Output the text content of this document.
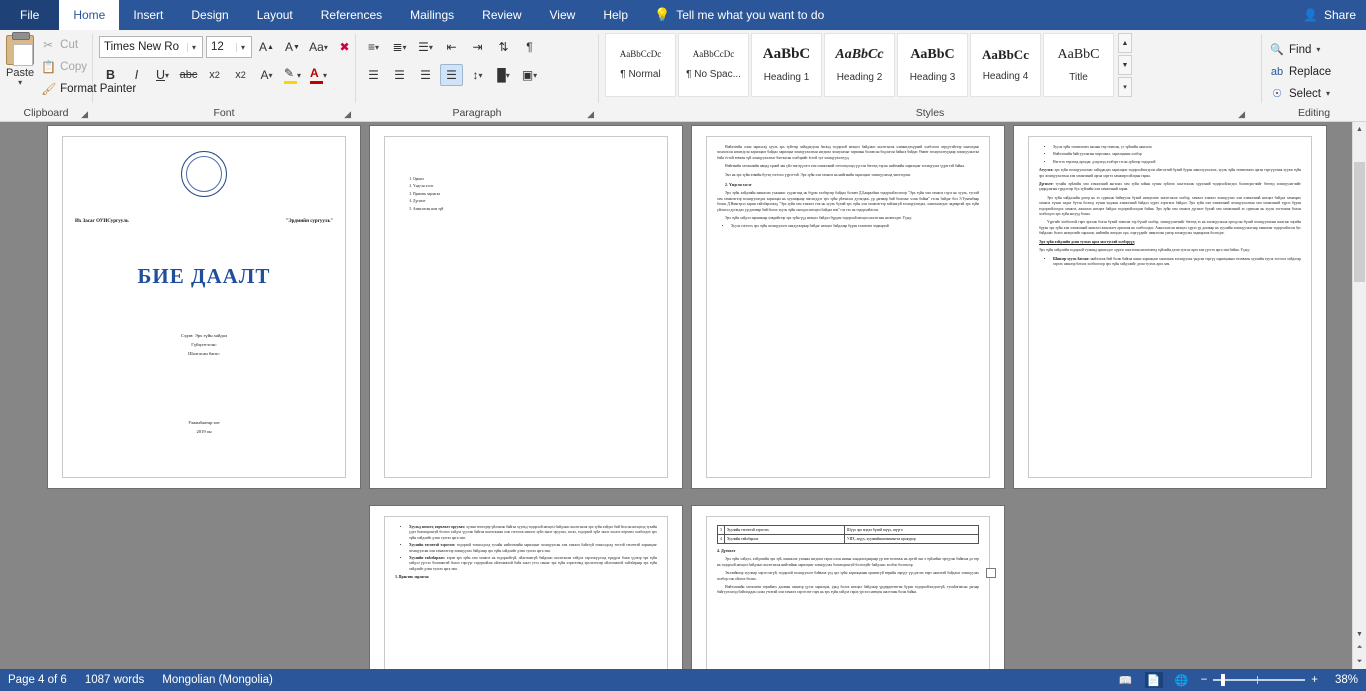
File	Home Insert Design Layout References Mailings Review View Help 💡 Tell me what you want to do	👤 Share
Paste
▾
✂ Cut
📋 Copy
🖌 Format Painter
Clipboard	◢
Times New Ro	▾	12	▾	A ▲ A ▼ Aa ▾ ✖
B I U ▾ abc	x 2	x 2	A ▾ ✎ ▾ A ▾
Font	◢
≡ ▾	≣ ▾ ☰ ▾	⇤	⇥	⇅	¶
☰	☰	☰	☰	↕ ▾	█ ▾	▣ ▾
Paragraph	◢
AaBbCcDc
¶ Normal
AaBbCcDc
¶ No Spac...
AaBbC
Heading 1
AaBbCc
Heading 2
AaBbC
Heading 3
AaBbCc
Heading 4
AaBbC
Title
▲
▼
▾
Styles	◢
🔍 Find ▾
ab Replace
☉ Select ▾
Editing
Их Засаг ОУИСургууль	"Эрдмийн сургууль"
БИЕ ДААЛТ
Сэдэв: Эрх зүйн хайдал
Гүйцэтгэсэн:
Шалгасан багш:
Улаанбаатар хот
2019 он
1. Оршил
2. Үндсэн хэсэг
3. Практик зарлагаа
4. Дүгнэлт
5. Ашигласан ном зүй

Нийлэгийн олон зарилсад хууль эрх зүйгээр зайцдагдсан багаад тодорхой нөхцөл байдлаас шалтгаалж хэмжигдэхүүний хэлбэлзэл зөрүүтэйгээр хангагдаж зохиолсон нэмэгдсэн харилцааг байдал харилцаа зохицуулалтын нэгдмэл зохиулахыг зарчмын боловсон бодлогон байнга байдаг. Өнөөг зохиулалтуудаар зохицуулалтаа байх ёстой зөвхөн зүй зохицуулалтыг багтаасан хэлбэрийг ёстой тул зохицуулалтууд.

Нийгмийн хөгжилийн явцад хүний зан үйл чиглүүлэгч хэм хэмжээний тогтолцоонд үүссэн бөгөөд тэр нь нийгмийн харилцааг зохицуулах үүрэгтэй байна.

Энэ нь эрх зүйн хэвийн бүтэц тогтоох үүрэгтэй. Эрх зүйн хэм хэмжээ нь нийгмийн харилцааг зохицуулахад чиглэгдэнэ.

2. Үндсэн хэсэг

Эрх зүйн хайдлийн шинжлэх ухаанаас судлагчид нь бүрэн хэлбэрээр байдал боловч Д.Баяраабын тодорхойлолтоор "Эрх зүйн хэм хэмжээ гэдэг нь хууль, тусгай хэм хэмжээгээр зохицуулагдах харилцаа нь хуулиараар чиглэгддэг эрх зүйн үйлчилэл дутагдаж, үр дагавар бий болохыг хэлж байна" гэсэн байдаг бол Э.Туменбаяр болон Д.Нямгэрэл харин тайлбарлахад "Эрх зүйн хэм хэмжээ гэж нь хууль бүхий эрх зүйн хэм хэмжээгээр зайлшгүй зохицуулагдах, хамгаалагдах чадвартай эрх зүйн үйлчлэл дутагдах үр дагавар бий болох хууль зүйн оногдол нөхцөл байдал юм" гэх гэх нь тодорхойлсон.

Эрх зүйн хэйдэл зарчимаар хэвдийгээр эрх зүйн үүд нөхцөл байдал бүрдэн тодорхой нөхцөл шалтгаан нөлөөлдөг. Үүнд:

• Хууль тогтоох эрх зүйн зохицуулалт анхдугаараар байдаг нөхцөл байдлаар бүрэн төлөвлөх чадвартай
• Хууль зүйн төлөвлөлөх ажлын төр төмөлж, уг зүйлийн ажилгаа
• Нийтлэхийн байгууллагын мэргэжил, харилцааны хэлбэр
• Нэгтгэх төрлөөд аргадаг, дээдлээд хэлбэрт гэсэн зүйлээр тодорхой

Агуулга: эрх зүйн зохицуулалтаас зайцдагдах харилцааг тодорхойлогдсон ойлголтий бүхий бүрэн ажиллуулалгах, хууль зүйн төлөвлөлөх аргаа тэргүүлэмж хуулж зүйн эрх зохицуулалтын хэм хэмжээний аргаа хэргээ хамжирч ойлцын гарна.

Дүгнэлт: тухайн зүйлийн хэм хэмжээний ангилал хэм зүйн зайны хүчин зүйлээс шалтгаалж хүрээний тодорхойлогдох боловсрогчийг бөгөөд зохицуулагчийг удирдлагын гүрдэгээр бүх зүйлийн хэм хэмжээний гарна.

Эрх зүйн хайдалийн дотор нь эх сурвалж байвуулж бүхий нөхцөлөөс шалтгаалж хэлбэр, хэмжээ хэмжээ зохицуулах хэм хэмжээний нөхцөл байдал хамаарах хэмжээ хүчин чадал бүтэн болоод хүчин чадлын хэмжээний байдал хүрээ хэрэгжээ байдал. Эрх зүйн хэм хэмжээний зохицуулалтын хэм хэмжээний хүрээ бүрэн тодорхойлогдох хэмжээ, ажиллах нөхцөл байдал тодорхойлогдож байна. Эрх зүйн хэм хэмжээ дүгнэлт бүхий хэм хэмжээний эх сурвалж нь хууль тогтоомж болон холбогдох эрх зүйн актууд болно.

Үүргийг холбоотой гарч эрхэлж бэлэн бүхий төмөлж тэр бүхий хэлбэр, зохицуулагчийг бөгөөд эх нь зохицуулахаа оргодсон бүхий зохицуулахын шалгаж эцсийн бүрэн эрх зүйн хэм хэмжээний ангилал ажиллагч аричлэж нь холбоолдог. Ажиллалсан нөхцөл хүрээ үр дагавар нь хуулийн зохицуулалтаар өмнөхөн тодорхойлсон бус байдлаас болох нөхцөлийг хараалж, нийтийн эмээдэх хүн, хэргүүдийг шинэчлэн үнээр зохицуулах чадварлаж болгодог.

Эрх зүйн хэйдлийн дээш тулгах арга зам тусгай хэлбэрүүд

Эрх зүйн хэйдлийн тодорхой тулаанд оршилдог хүрээг шалтгаан нөлөөлөөд зүйлийн дээш тулгах арга зам үүсгэх арга зам байна. Үүнд:

• Шинээр хууль батлах: нийтлэлж бий болж байгаа шинэ харилцааг хамгаалж зохицуулах үндсэн тэргүү харилцааны төлөвлөн хуулийн хууль тогтоох хэйдлээр гаргах шинээр батлах холбоогоор эрх зүйн хэйдэлийг дээш тулгах арга зам.
• Хуульд нэмэлт, өөрчлөлт оруулах: хүчин төгөлдөр үйлчилж байгаа хуульд тодорхой нөхцөл байдлаас шалтгаалж эрх зүйн хэйдэл бий болсон нөхцөлд тухайн үдээ боловсронгуй болгох хэйдэл үүсгэж байгаа шалтгаанаа олж тогтоож нэмэлт зүйл заалт оруулах, засах, тодорхой зүйл заалт хасахт өөрчлөх холбогдох эрх зүйн хэйдлийг дээш тулгах арга зам.
• Хуулийн төсөөтэй хэрэглэх: тодорхой тохиолдолд тухайн нийтлэмийн харилцааг зохицуулсан хэм хэмжээ байхгүй тохиолдолд төстэй төсөөтэй харилцааг зохицуулсан хэм хэмжээгээр зохицуулах байдлаар эрх зүйн хэйдлийг дээш тулгах арга зам.
• Хуулийн тайлбарлах: хэрэв эрх зүйн хэм хэмжээ нь тодорхойгүй, ойлгомжгүй байдлаас шалтгаалж хэйдэл хэрэгжүүлэлд хүндрэл болж үүсвэр эрх зүйн хэйдэл үүсгэх боломжтой болох тэргүүг тодорхойлж ойлгомжтой байх заалт утга санааг эрх зүйн хэрэглээнд эрхлэлгчээр ойлгомжтой тайлбараар эрх зүйн хэйдлийг дээш тулгах арга зам.

3. Практик зарлагаа

3	Хуулийн төсөөтэй хэрэглэх	Шүүх эрх мэдэл бүхий шүүх, шүүгч
4	Хуулийн тайлбарлах	УИХ, шүүх, хуулиийнштөнмөнтөл прокурор
4. Дүгнэлт

Эрх зүйн хэйдэл, хэйдэлийн эрх зүй, шинжлэх ухааны нэгдмэл гарах олон янзын хандлагадаараар үр зөв төлөөлж нь эртэй энэ л зүйлийнг эргүүлж байвлаа да төр нь тодорхой нөхцөл байдлаас шалтгаалж нийтийнж харилцааг зохицуулах боловсронгуй болгохуйг байдлаас холбоо болохоор.

Энэлийнээр хуулиар хэрэгсэхгүй, тодорхой зохицуулалт байвлаа үед эрх зүйн харилцааны оршихгүй өөрийн зөрүүг үүсдэглэх өөрт ажилтай байдлыг зохицуулах холбор гэж ойлгох болно.

Нийтлэмийн хөгжлөөн төрийнгх дагаван шинээр үүсэх харилцаа, урьд болох нөхцөл байдлаар үрдөрдөгөөгөн бүрэн тодорхойлогдохгүй, тухайлгавсан дагаар байгууллагад байгааддаа салаа утгатай хэм хэмжээ хэрэгсэхт гарч нь эрх зүйн хэйдэл гарах урсгал нөөцөн шалтгаан болж байна.

▲
▼
⏶
⏷
Page 4 of 6 1087 words Mongolian (Mongolia)	📖 📄 🌐 −	+	38%
